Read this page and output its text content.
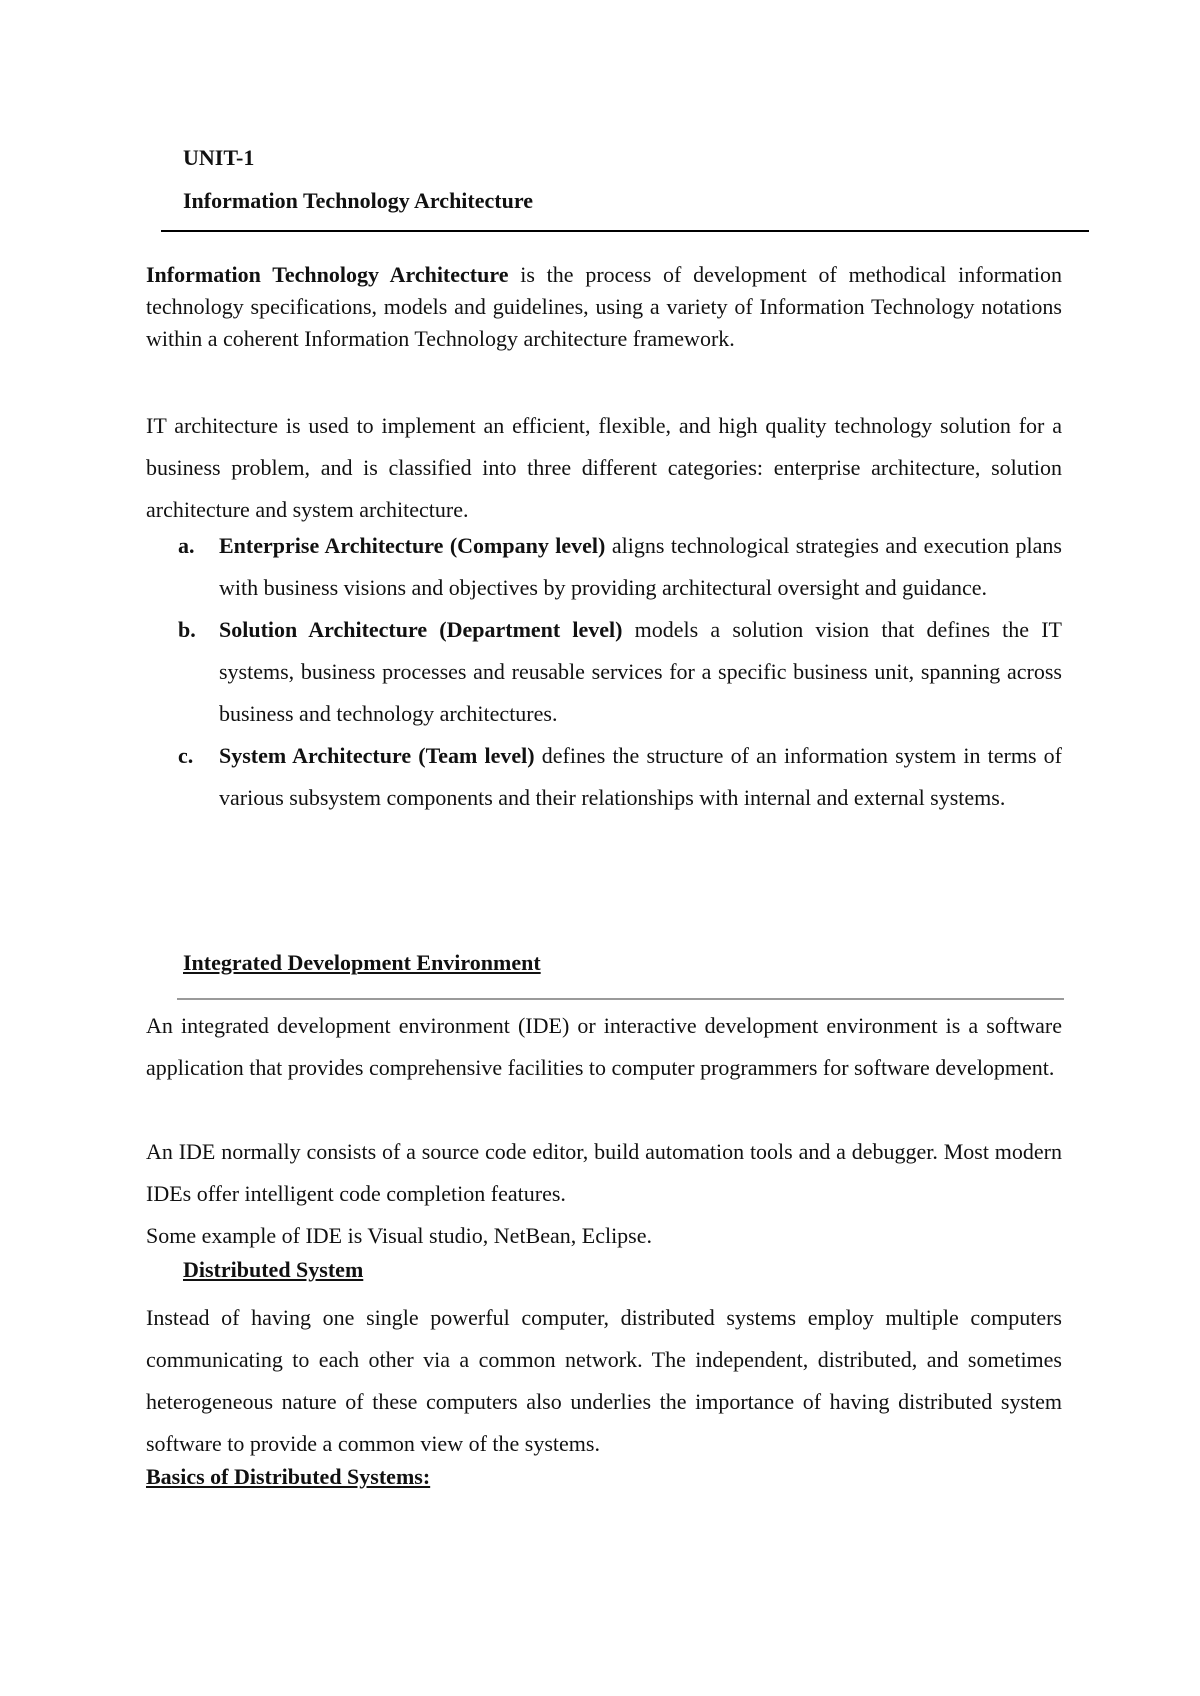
UNIT-1
Information Technology Architecture

Information Technology Architecture is the process of development of methodical information technology specifications, models and guidelines, using a variety of Information Technology notations within a coherent Information Technology architecture framework.

IT architecture is used to implement an efficient, flexible, and high quality technology solution for a business problem, and is classified into three different categories: enterprise architecture, solution architecture and system architecture.

a. Enterprise Architecture (Company level) aligns technological strategies and execution plans with business visions and objectives by providing architectural oversight and guidance.
b. Solution Architecture (Department level) models a solution vision that defines the IT systems, business processes and reusable services for a specific business unit, spanning across business and technology architectures.
c. System Architecture (Team level) defines the structure of an information system in terms of various subsystem components and their relationships with internal and external systems.
Integrated Development Environment

An integrated development environment (IDE) or interactive development environment is a software application that provides comprehensive facilities to computer programmers for software development.

An IDE normally consists of a source code editor, build automation tools and a debugger. Most modern IDEs offer intelligent code completion features.

Some example of IDE is Visual studio, NetBean, Eclipse.

Distributed System

Instead of having one single powerful computer, distributed systems employ multiple computers communicating to each other via a common network. The independent, distributed, and sometimes heterogeneous nature of these computers also underlies the importance of having distributed system software to provide a common view of the systems.

Basics of Distributed Systems:
